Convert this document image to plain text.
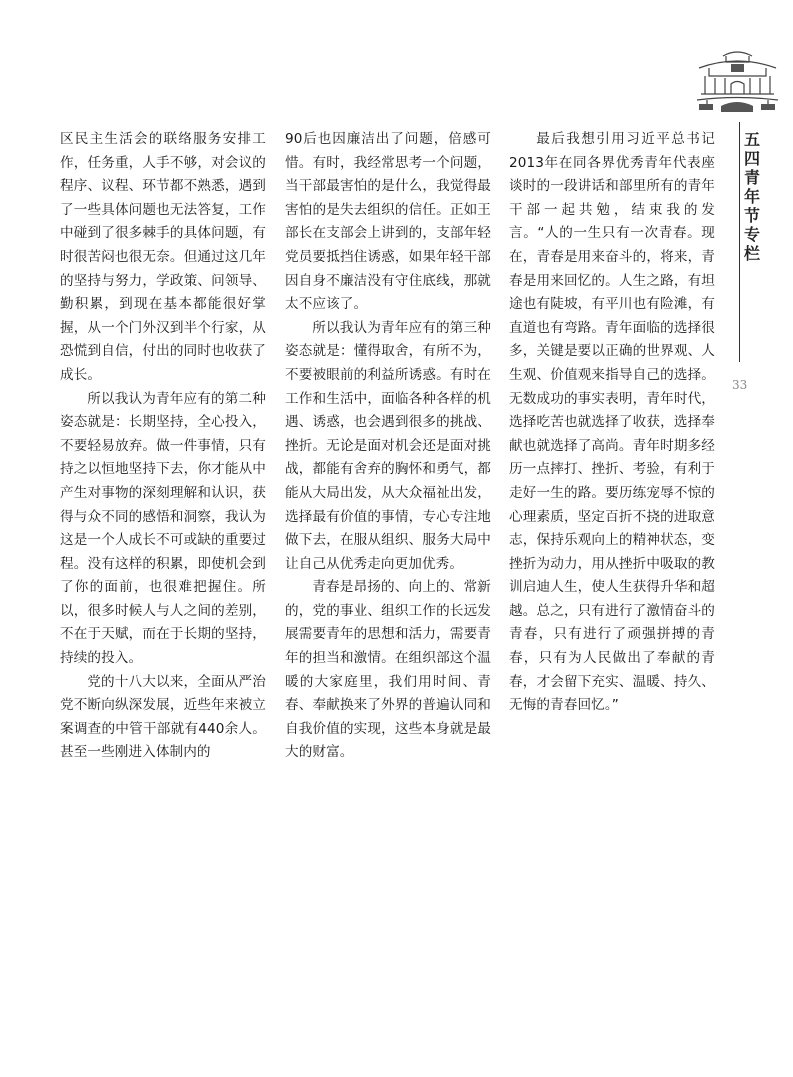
五四青年节专栏
33

区民主生活会的联络服务安排工作，任务重，人手不够，对会议的程序、议程、环节都不熟悉，遇到了一些具体问题也无法答复，工作中碰到了很多棘手的具体问题，有时很苦闷也很无奈。但通过这几年的坚持与努力，学政策、问领导、勤积累，到现在基本都能很好掌握，从一个门外汉到半个行家，从恐慌到自信，付出的同时也收获了成长。

所以我认为青年应有的第二种姿态就是：长期坚持，全心投入，不要轻易放弃。做一件事情，只有持之以恒地坚持下去，你才能从中产生对事物的深刻理解和认识，获得与众不同的感悟和洞察，我认为这是一个人成长不可或缺的重要过程。没有这样的积累，即使机会到了你的面前，也很难把握住。所以，很多时候人与人之间的差别，不在于天赋，而在于长期的坚持，持续的投入。

党的十八大以来，全面从严治党不断向纵深发展，近些年来被立案调查的中管干部就有440余人。甚至一些刚进入体制内的

90后也因廉洁出了问题，倍感可惜。有时，我经常思考一个问题，当干部最害怕的是什么，我觉得最害怕的是失去组织的信任。正如王部长在支部会上讲到的，支部年轻党员要抵挡住诱惑，如果年轻干部因自身不廉洁没有守住底线，那就太不应该了。

所以我认为青年应有的第三种姿态就是：懂得取舍，有所不为，不要被眼前的利益所诱惑。有时在工作和生活中，面临各种各样的机遇、诱惑，也会遇到很多的挑战、挫折。无论是面对机会还是面对挑战，都能有舍弃的胸怀和勇气，都能从大局出发，从大众福祉出发，选择最有价值的事情，专心专注地做下去，在服从组织、服务大局中让自己从优秀走向更加优秀。

青春是昂扬的、向上的、常新的，党的事业、组织工作的长远发展需要青年的思想和活力，需要青年的担当和激情。在组织部这个温暖的大家庭里，我们用时间、青春、奉献换来了外界的普遍认同和自我价值的实现，这些本身就是最大的财富。

最后我想引用习近平总书记2013年在同各界优秀青年代表座谈时的一段讲话和部里所有的青年干部一起共勉，结束我的发言。“人的一生只有一次青春。现在，青春是用来奋斗的，将来，青春是用来回忆的。人生之路，有坦途也有陡坡，有平川也有险滩，有直道也有弯路。青年面临的选择很多，关键是要以正确的世界观、人生观、价值观来指导自己的选择。无数成功的事实表明，青年时代，选择吃苦也就选择了收获，选择奉献也就选择了高尚。青年时期多经历一点摔打、挫折、考验，有利于走好一生的路。要历练宠辱不惊的心理素质，坚定百折不挠的进取意志，保持乐观向上的精神状态，变挫折为动力，用从挫折中吸取的教训启迪人生，使人生获得升华和超越。总之，只有进行了激情奋斗的青春，只有进行了顽强拼搏的青春，只有为人民做出了奉献的青春，才会留下充实、温暖、持久、无悔的青春回忆。”
